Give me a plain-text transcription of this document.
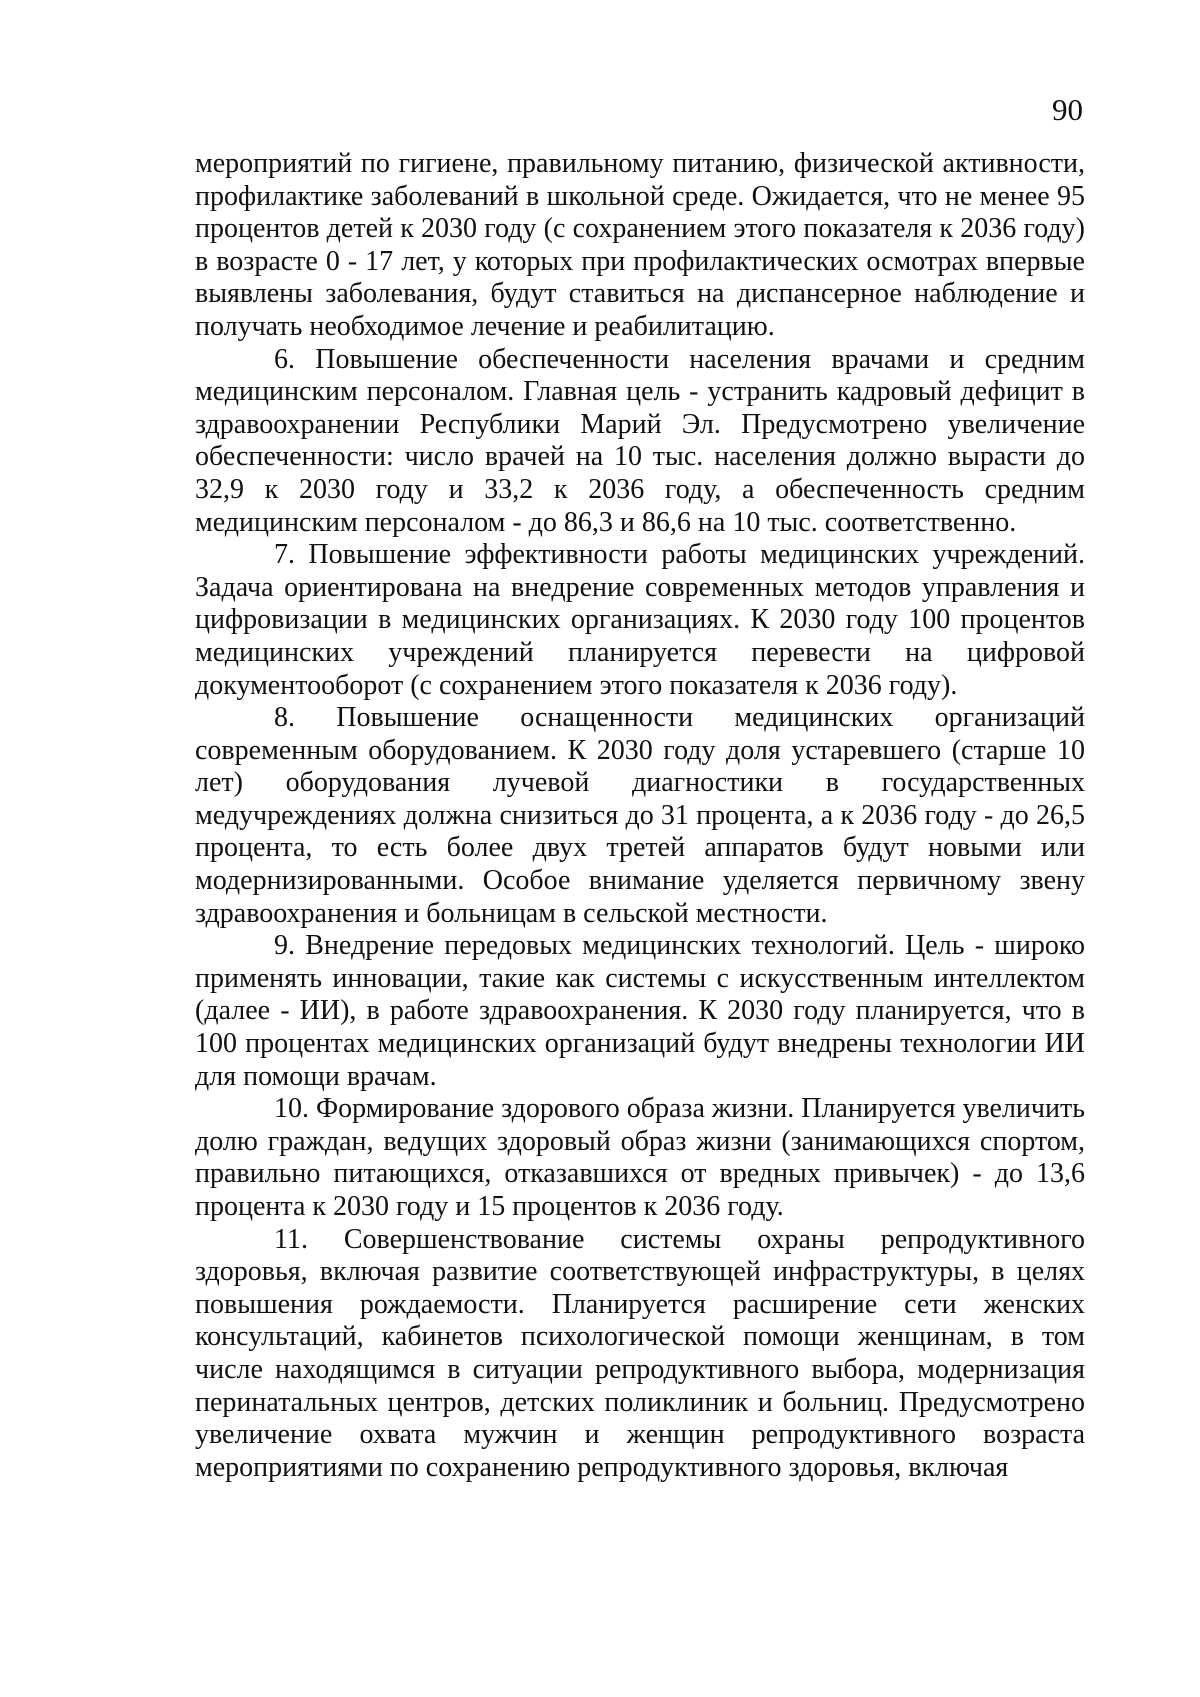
90

мероприятий по гигиене, правильному питанию, физической активности, профилактике заболеваний в школьной среде. Ожидается, что не менее 95 процентов детей к 2030 году (с сохранением этого показателя к 2036 году) в возрасте 0 - 17 лет, у которых при профилактических осмотрах впервые выявлены заболевания, будут ставиться на диспансерное наблюдение и получать необходимое лечение и реабилитацию.

6. Повышение обеспеченности населения врачами и средним медицинским персоналом. Главная цель - устранить кадровый дефицит в здравоохранении Республики Марий Эл. Предусмотрено увеличение обеспеченности: число врачей на 10 тыс. населения должно вырасти до 32,9 к 2030 году и 33,2 к 2036 году, а обеспеченность средним медицинским персоналом - до 86,3 и 86,6 на 10 тыс. соответственно.

7. Повышение эффективности работы медицинских учреждений. Задача ориентирована на внедрение современных методов управления и цифровизации в медицинских организациях. К 2030 году 100 процентов медицинских учреждений планируется перевести на цифровой документооборот (с сохранением этого показателя к 2036 году).

8. Повышение оснащенности медицинских организаций современным оборудованием. К 2030 году доля устаревшего (старше 10 лет) оборудования лучевой диагностики в государственных медучреждениях должна снизиться до 31 процента, а к 2036 году - до 26,5 процента, то есть более двух третей аппаратов будут новыми или модернизированными. Особое внимание уделяется первичному звену здравоохранения и больницам в сельской местности.

9. Внедрение передовых медицинских технологий. Цель - широко применять инновации, такие как системы с искусственным интеллектом (далее - ИИ), в работе здравоохранения. К 2030 году планируется, что в 100 процентах медицинских организаций будут внедрены технологии ИИ для помощи врачам.

10. Формирование здорового образа жизни. Планируется увеличить долю граждан, ведущих здоровый образ жизни (занимающихся спортом, правильно питающихся, отказавшихся от вредных привычек) - до 13,6 процента к 2030 году и 15 процентов к 2036 году.

11. Совершенствование системы охраны репродуктивного здоровья, включая развитие соответствующей инфраструктуры, в целях повышения рождаемости. Планируется расширение сети женских консультаций, кабинетов психологической помощи женщинам, в том числе находящимся в ситуации репродуктивного выбора, модернизация перинатальных центров, детских поликлиник и больниц. Предусмотрено увеличение охвата мужчин и женщин репродуктивного возраста мероприятиями по сохранению репродуктивного здоровья, включая
